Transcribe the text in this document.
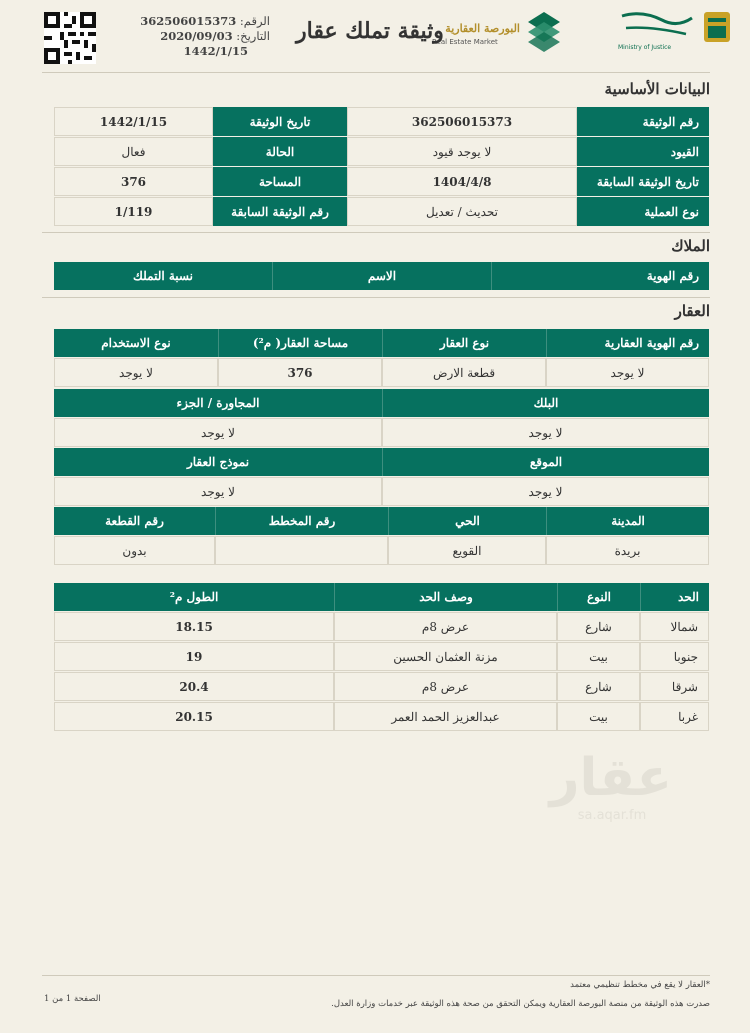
Ministry of Justice
البورصة العقارية
Real Estate Market
وثيقة تملك عقار
الرقم: 362506015373
التاريخ: 2020/09/03
1442/1/15
البيانات الأساسية
رقم الوثيقة
362506015373
تاريخ الوثيقة
1442/1/15
القيود
لا يوجد قيود
الحالة
فعال
تاريخ الوثيقة السابقة
1404/4/8
المساحة
376
نوع العملية
تحديث / تعديل
رقم الوثيقة السابقة
1/119
الملاك
رقم الهوية
الاسم
نسبة التملك
العقار
رقم الهوية العقارية
نوع العقار
مساحة العقار( م²)
نوع الاستخدام
لا يوجد
قطعة الارض
376
لا يوجد
البلك
المجاورة / الجزء
لا يوجد
لا يوجد
الموقع
نموذج العقار
لا يوجد
لا يوجد
المدينة
الحي
رقم المخطط
رقم القطعة
بريدة
القويع
بدون
الحد
النوع
وصف الحد
الطول م²
شمالا
شارع
عرض 8م
18.15
جنوبا
بيت
مزنة العثمان الحسين
19
شرقا
شارع
عرض 8م
20.4
غربا
بيت
عبدالعزيز الحمد العمر
20.15
عقار
sa.aqar.fm
*العقار لا يقع في مخطط تنظيمي معتمد
صدرت هذه الوثيقة من منصة البورصة العقارية ويمكن التحقق من صحة هذه الوثيقة عبر خدمات وزارة العدل.
الصفحة 1 من 1
